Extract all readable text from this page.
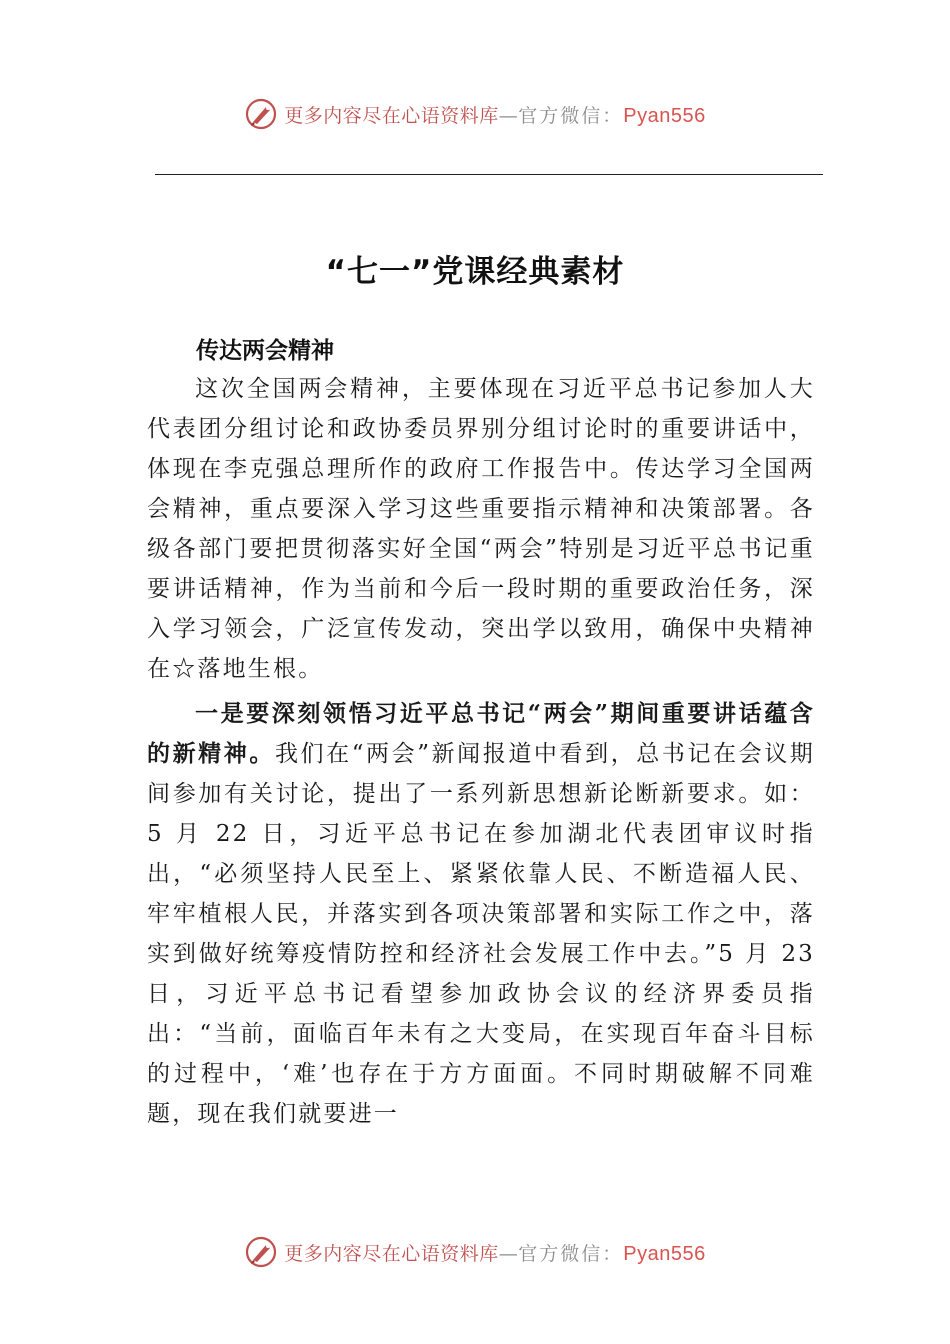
更多内容尽在心语资料库—官方微信：Pyan556
“七一”党课经典素材
传达两会精神

这次全国两会精神，主要体现在习近平总书记参加人大代表团分组讨论和政协委员界别分组讨论时的重要讲话中，体现在李克强总理所作的政府工作报告中。传达学习全国两会精神，重点要深入学习这些重要指示精神和决策部署。各级各部门要把贯彻落实好全国“两会”特别是习近平总书记重要讲话精神，作为当前和今后一段时期的重要政治任务，深入学习领会，广泛宣传发动，突出学以致用，确保中央精神在☆落地生根。

一是要深刻领悟习近平总书记“两会”期间重要讲话蕴含的新精神。我们在“两会”新闻报道中看到，总书记在会议期间参加有关讨论，提出了一系列新思想新论断新要求。如：5 月 22 日，习近平总书记在参加湖北代表团审议时指出，“必须坚持人民至上、紧紧依靠人民、不断造福人民、牢牢植根人民，并落实到各项决策部署和实际工作之中，落实到做好统筹疫情防控和经济社会发展工作中去。”5 月 23 日，习近平总书记看望参加政协会议的经济界委员指出：“当前，面临百年未有之大变局，在实现百年奋斗目标的过程中，‘难’也存在于方方面面。不同时期破解不同难题，现在我们就要进一

更多内容尽在心语资料库—官方微信：Pyan556
